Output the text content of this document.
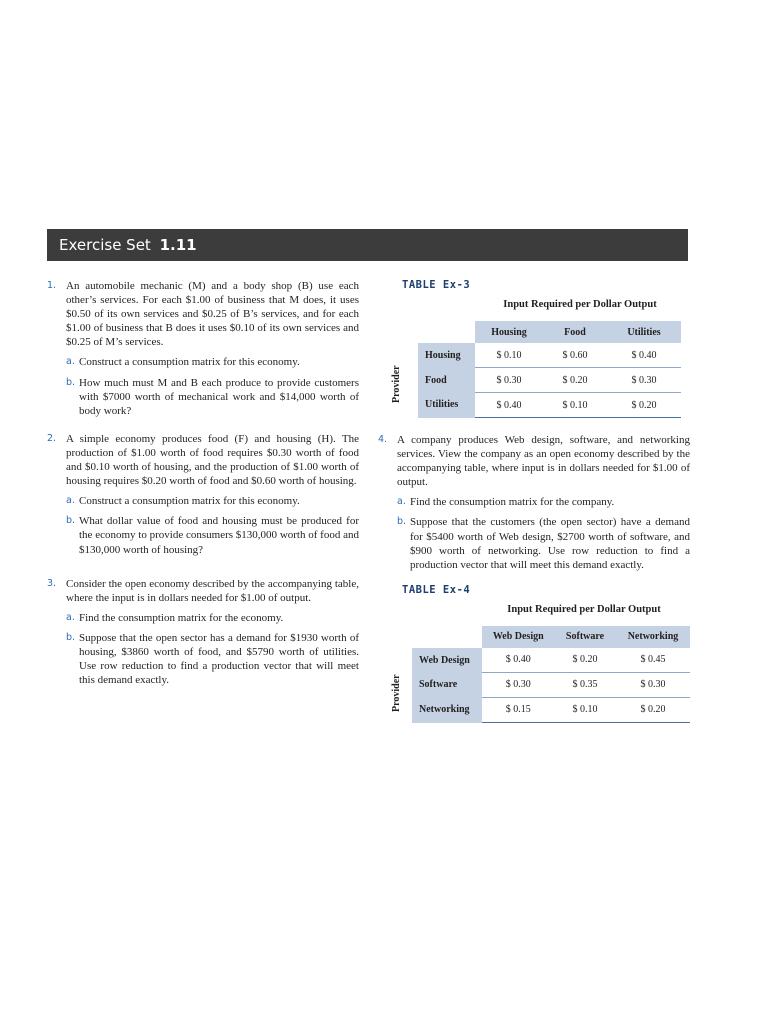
Exercise Set 1.11
1. An automobile mechanic (M) and a body shop (B) use each other’s services. For each $1.00 of business that M does, it uses $0.50 of its own services and $0.25 of B’s services, and for each $1.00 of business that B does it uses $0.10 of its own services and $0.25 of M’s services.

a. Construct a consumption matrix for this economy.

b. How much must M and B each produce to provide customers with $7000 worth of mechanical work and $14,000 worth of body work?

2. A simple economy produces food (F) and housing (H). The production of $1.00 worth of food requires $0.30 worth of food and $0.10 worth of housing, and the production of $1.00 worth of housing requires $0.20 worth of food and $0.60 worth of housing.

a. Construct a consumption matrix for this economy.

b. What dollar value of food and housing must be produced for the economy to provide consumers $130,000 worth of food and $130,000 worth of housing?

3. Consider the open economy described by the accompanying table, where the input is in dollars needed for $1.00 of output.

a. Find the consumption matrix for the economy.

b. Suppose that the open sector has a demand for $1930 worth of housing, $3860 worth of food, and $5790 worth of utilities. Use row reduction to find a production vector that will meet this demand exactly.

TABLE Ex-3
Input Required per Dollar Output
Provider
	Housing	Food	Utilities
Housing	$ 0.10	$ 0.60	$ 0.40
Food	$ 0.30	$ 0.20	$ 0.30
Utilities	$ 0.40	$ 0.10	$ 0.20
4. A company produces Web design, software, and networking services. View the company as an open economy described by the accompanying table, where input is in dollars needed for $1.00 of output.

a. Find the consumption matrix for the company.

b. Suppose that the customers (the open sector) have a demand for $5400 worth of Web design, $2700 worth of software, and $900 worth of networking. Use row reduction to find a production vector that will meet this demand exactly.

TABLE Ex-4
Input Required per Dollar Output
Provider
	Web Design	Software	Networking
Web Design	$ 0.40	$ 0.20	$ 0.45
Software	$ 0.30	$ 0.35	$ 0.30
Networking	$ 0.15	$ 0.10	$ 0.20
